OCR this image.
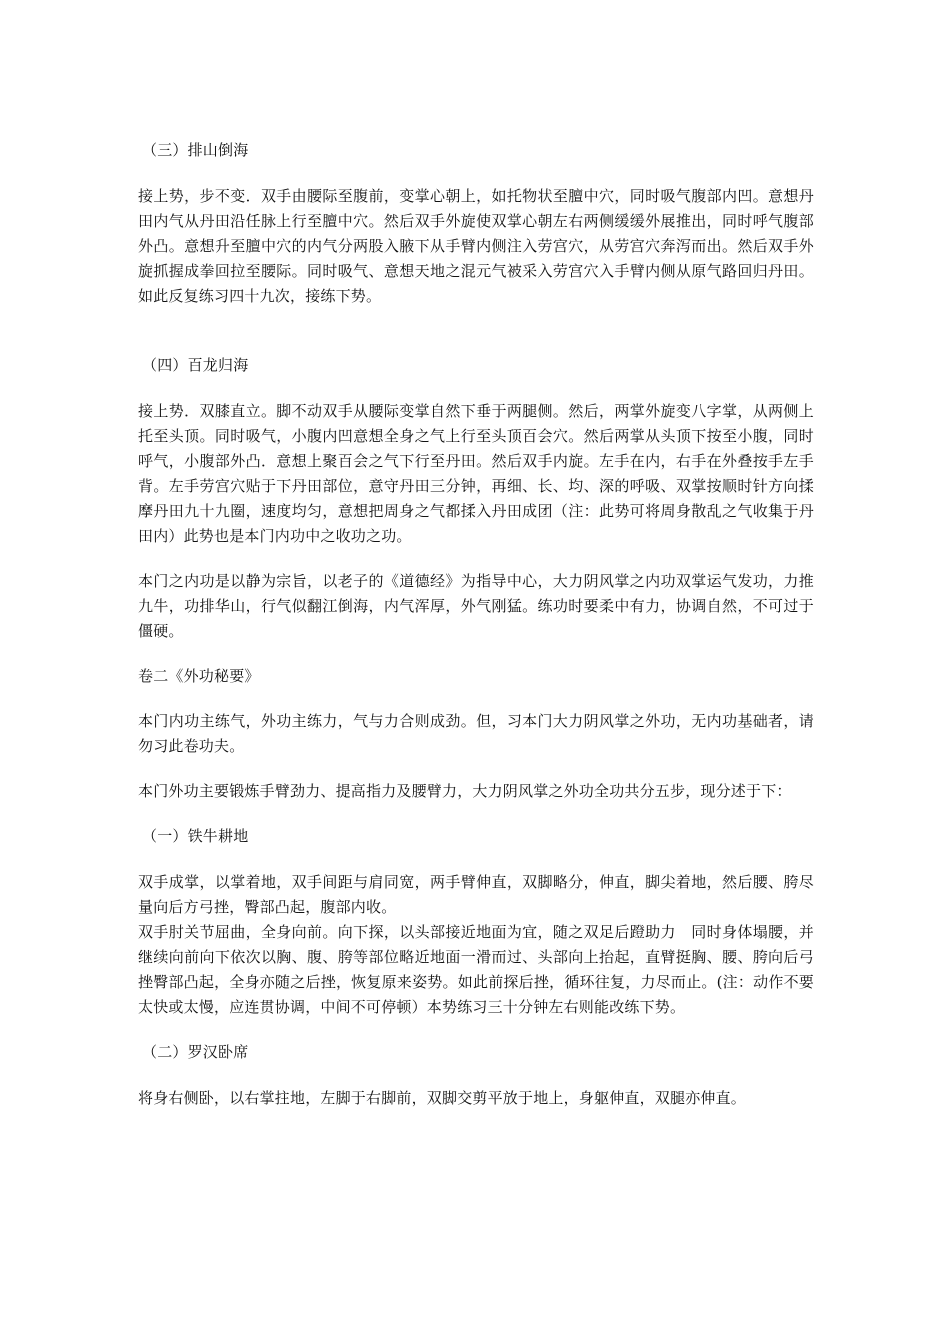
（三）排山倒海

接上势，步不变．双手由腰际至腹前，变掌心朝上，如托物状至膻中穴，同时吸气腹部内凹。意想丹田内气从丹田沿任脉上行至膻中穴。然后双手外旋使双掌心朝左右两侧缓缓外展推出，同时呼气腹部外凸。意想升至膻中穴的内气分两股入腋下从手臂内侧注入劳宫穴，从劳宫穴奔泻而出。然后双手外旋抓握成拳回拉至腰际。同时吸气、意想天地之混元气被采入劳宫穴入手臂内侧从原气路回归丹田。如此反复练习四十九次，接练下势。

（四）百龙归海

接上势．双膝直立。脚不动双手从腰际变掌自然下垂于两腿侧。然后，两掌外旋变八字掌，从两侧上托至头顶。同时吸气，小腹内凹意想全身之气上行至头顶百会穴。然后两掌从头顶下按至小腹，同时呼气，小腹部外凸．意想上聚百会之气下行至丹田。然后双手内旋。左手在内，右手在外叠按手左手背。左手劳宫穴贴于下丹田部位，意守丹田三分钟，再细、长、均、深的呼吸、双掌按顺时针方向揉摩丹田九十九圈，速度均匀，意想把周身之气都揉入丹田成团（注：此势可将周身散乱之气收集于丹田内）此势也是本门内功中之收功之功。

本门之内功是以静为宗旨，以老子的《道德经》为指导中心，大力阴风掌之内功双掌运气发功，力推九牛，功排华山，行气似翻江倒海，内气浑厚，外气刚猛。练功时要柔中有力，协调自然，不可过于僵硬。

卷二《外功秘要》

本门内功主练气，外功主练力，气与力合则成劲。但，习本门大力阴风掌之外功，无内功基础者，请勿习此卷功夫。

本门外功主要锻炼手臂劲力、提高指力及腰臂力，大力阴风掌之外功全功共分五步，现分述于下：

（一）铁牛耕地

双手成掌，以掌着地，双手间距与肩同宽，两手臂伸直，双脚略分，伸直，脚尖着地，然后腰、胯尽量向后方弓挫，臀部凸起，腹部内收。

双手肘关节屈曲，全身向前。向下探，以头部接近地面为宜，随之双足后蹬助力　同时身体塌腰，并继续向前向下依次以胸、腹、胯等部位略近地面一滑而过、头部向上抬起，直臂挺胸、腰、胯向后弓挫臀部凸起，全身亦随之后挫，恢复原来姿势。如此前探后挫，循环往复，力尽而止。(注：动作不要太快或太慢，应连贯协调，中间不可停顿）本势练习三十分钟左右则能改练下势。

（二）罗汉卧席

将身右侧卧，以右掌拄地，左脚于右脚前，双脚交剪平放于地上，身躯伸直，双腿亦伸直。
